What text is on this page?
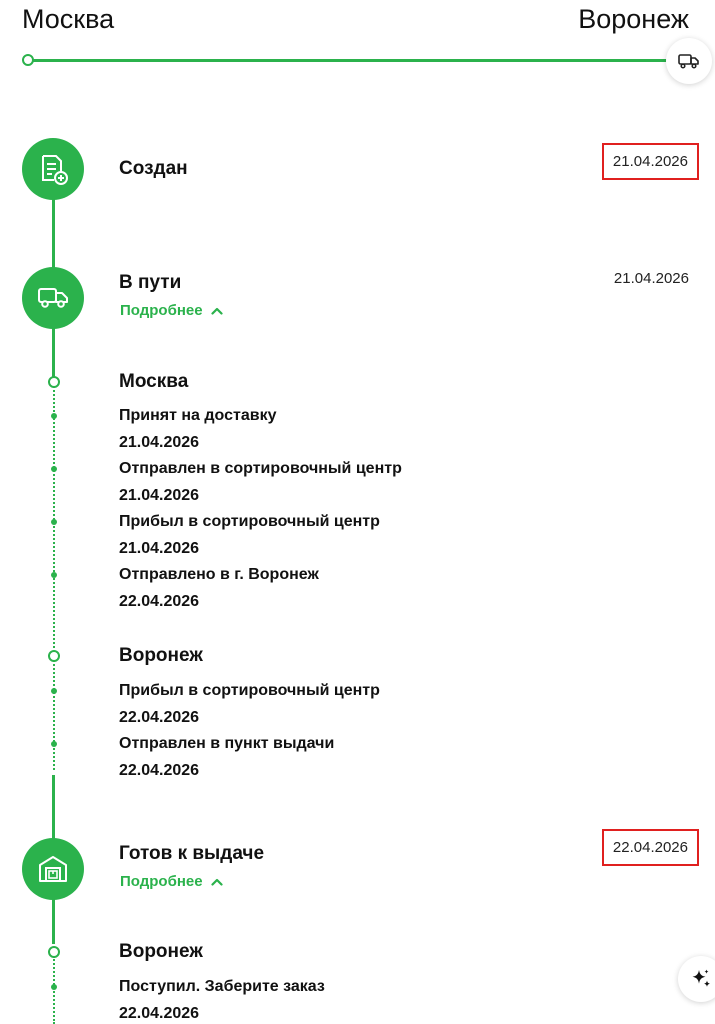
Москва	Воронеж
Создан	21.04.2026
В пути	21.04.2026
Подробнее
Москва
Принят на доставку
21.04.2026
Отправлен в сортировочный центр
21.04.2026
Прибыл в сортировочный центр
21.04.2026
Отправлено в г. Воронеж
22.04.2026
Воронеж
Прибыл в сортировочный центр
22.04.2026
Отправлен в пункт выдачи
22.04.2026
Готов к выдаче	22.04.2026
Подробнее
Воронеж
Поступил. Заберите заказ
22.04.2026
